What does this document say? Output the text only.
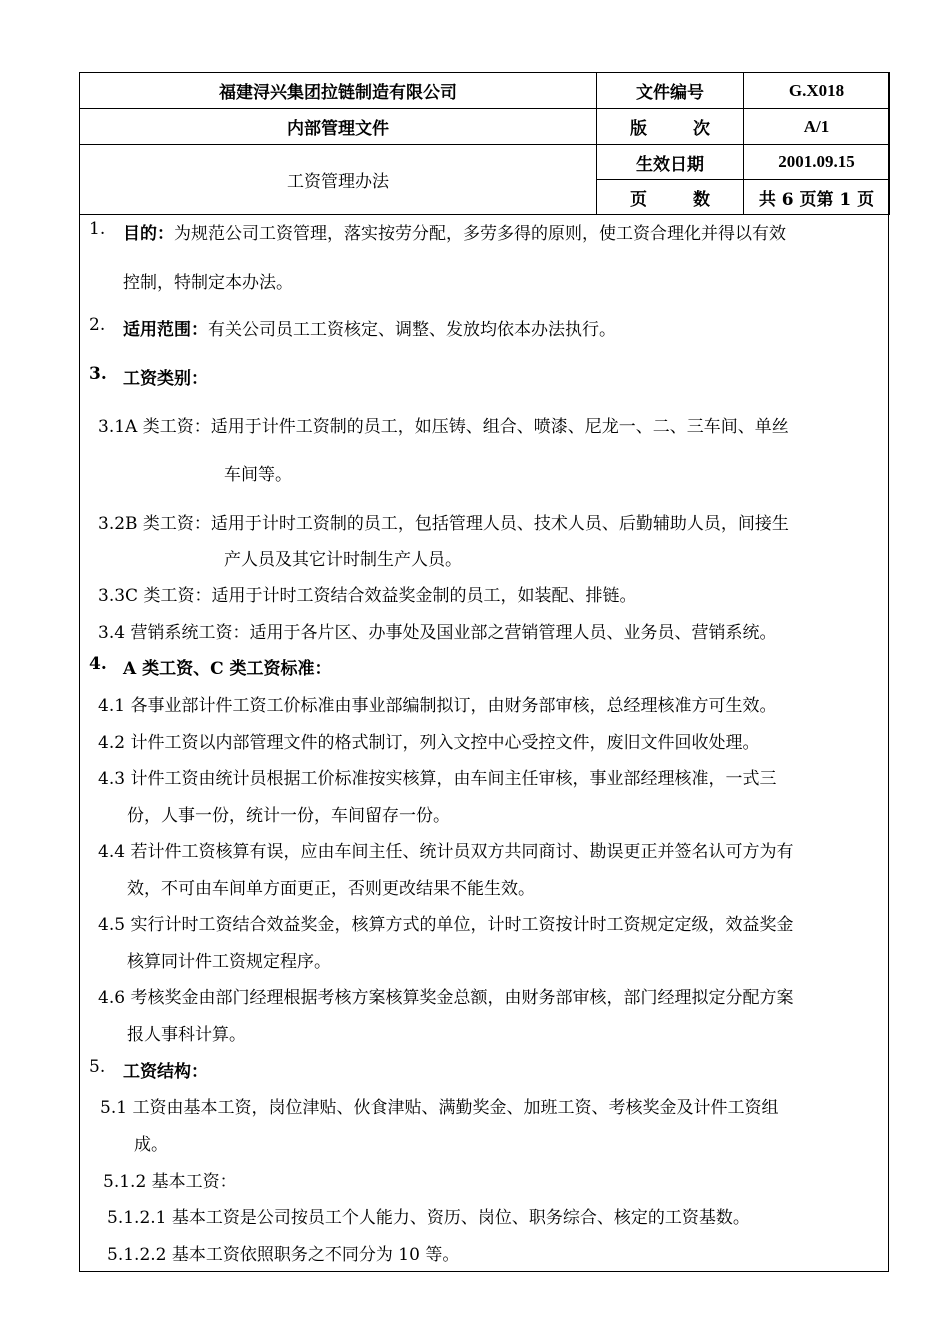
福建浔兴集团拉链制造有限公司	文件编号	G.X018
内部管理文件	版 次	A/1
工资管理办法	生效日期	2001.09.15
	页 数	共 6 页第 1 页
1. 目的：为规范公司工资管理，落实按劳分配，多劳多得的原则，使工资合理化并得以有效
控制，特制定本办法。
2. 适用范围：有关公司员工工资核定、调整、发放均依本办法执行。
3. 工资类别：
3.1A 类工资：适用于计件工资制的员工，如压铸、组合、喷漆、尼龙一、二、三车间、单丝
车间等。
3.2B 类工资：适用于计时工资制的员工，包括管理人员、技术人员、后勤辅助人员，间接生
产人员及其它计时制生产人员。
3.3C 类工资：适用于计时工资结合效益奖金制的员工，如装配、排链。
3.4 营销系统工资：适用于各片区、办事处及国业部之营销管理人员、业务员、营销系统。
4. A 类工资、C 类工资标准：
4.1 各事业部计件工资工价标准由事业部编制拟订，由财务部审核，总经理核准方可生效。
4.2 计件工资以内部管理文件的格式制订，列入文控中心受控文件，废旧文件回收处理。
4.3 计件工资由统计员根据工价标准按实核算，由车间主任审核，事业部经理核准，一式三
份，人事一份，统计一份，车间留存一份。
4.4 若计件工资核算有误，应由车间主任、统计员双方共同商讨、勘误更正并签名认可方为有
效，不可由车间单方面更正，否则更改结果不能生效。
4.5 实行计时工资结合效益奖金，核算方式的单位，计时工资按计时工资规定定级，效益奖金
核算同计件工资规定程序。
4.6 考核奖金由部门经理根据考核方案核算奖金总额，由财务部审核，部门经理拟定分配方案
报人事科计算。
5. 工资结构：
5.1 工资由基本工资，岗位津贴、伙食津贴、满勤奖金、加班工资、考核奖金及计件工资组
成。
5.1.2 基本工资：
5.1.2.1 基本工资是公司按员工个人能力、资历、岗位、职务综合、核定的工资基数。
5.1.2.2 基本工资依照职务之不同分为 10 等。
